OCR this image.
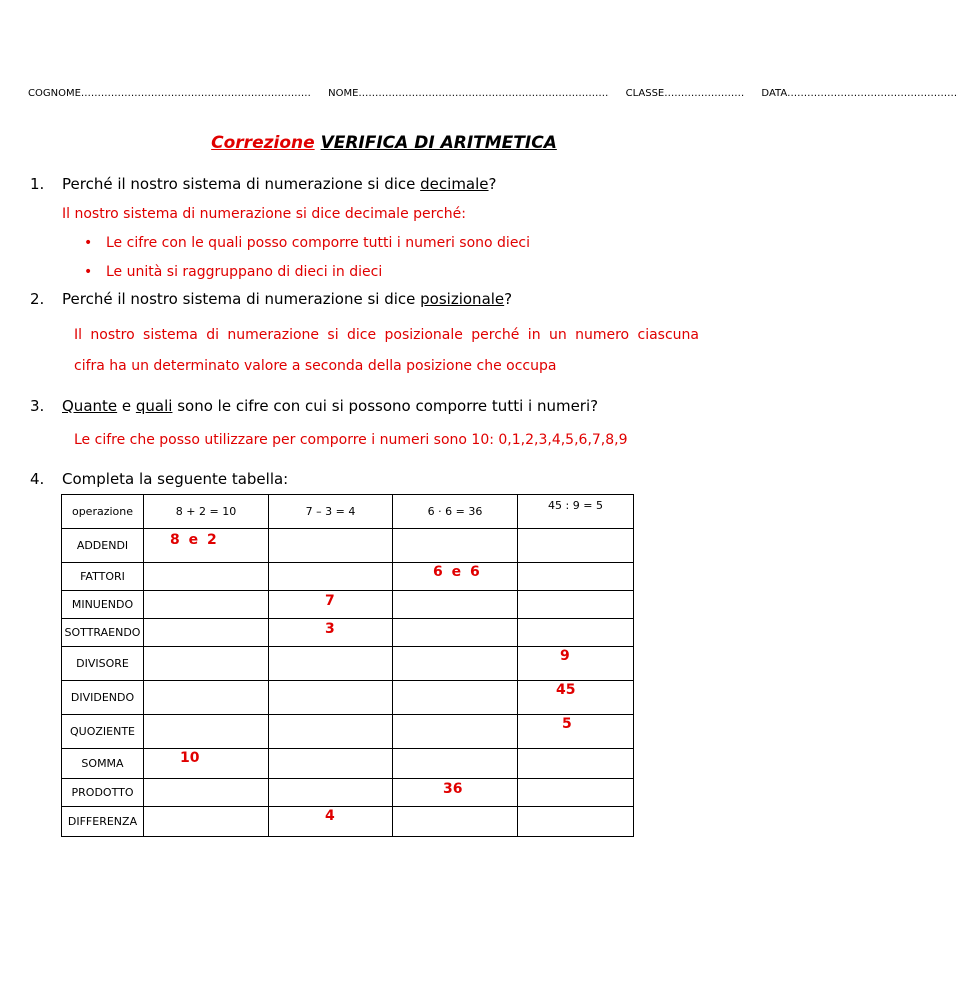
COGNOME…………………………………………………………… NOME………………………………………………………………… CLASSE…………………… DATA……………………………………………
Correzione VERIFICA DI ARITMETICA
1. Perché il nostro sistema di numerazione si dice decimale?
Il nostro sistema di numerazione si dice decimale perché:
• Le cifre con le quali posso comporre tutti i numeri sono dieci
• Le unità si raggruppano di dieci in dieci
2. Perché il nostro sistema di numerazione si dice posizionale?
Il nostro sistema di numerazione si dice posizionale perché in un numero ciascuna
cifra ha un determinato valore a seconda della posizione che occupa
3. Quante e quali sono le cifre con cui si possono comporre tutti i numeri?
Le cifre che posso utilizzare per comporre i numeri sono 10: 0,1,2,3,4,5,6,7,8,9
4. Completa la seguente tabella:
operazione	8 + 2 = 10	7 – 3 = 4	6 · 6 = 36	45 : 9 = 5
ADDENDI	8 e 2			
FATTORI			6 e 6	
MINUENDO		7		
SOTTRAENDO		3		
DIVISORE				9
DIVIDENDO				45
QUOZIENTE				5
SOMMA	10			
PRODOTTO			36	
DIFFERENZA		4		
